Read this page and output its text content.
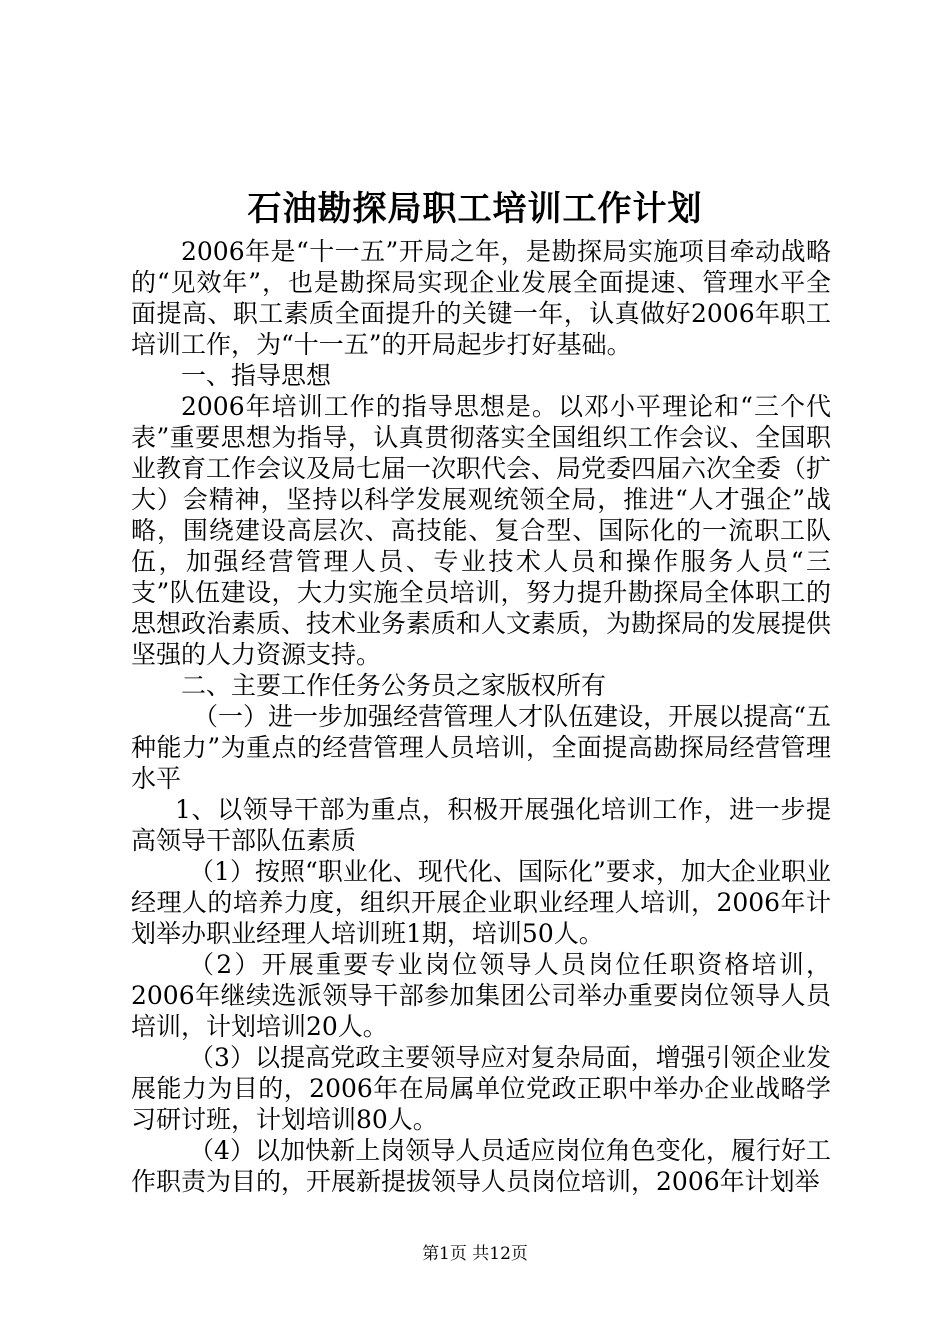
石油勘探局职工培训工作计划

2006年是“十一五”开局之年，是勘探局实施项目牵动战略的“见效年”，也是勘探局实现企业发展全面提速、管理水平全面提高、职工素质全面提升的关键一年，认真做好2006年职工培训工作，为“十一五”的开局起步打好基础。

一、指导思想

2006年培训工作的指导思想是。以邓小平理论和“三个代表”重要思想为指导，认真贯彻落实全国组织工作会议、全国职业教育工作会议及局七届一次职代会、局党委四届六次全委（扩大）会精神，坚持以科学发展观统领全局，推进“人才强企”战略，围绕建设高层次、高技能、复合型、国际化的一流职工队伍，加强经营管理人员、专业技术人员和操作服务人员“三支”队伍建设，大力实施全员培训，努力提升勘探局全体职工的思想政治素质、技术业务素质和人文素质，为勘探局的发展提供坚强的人力资源支持。

二、主要工作任务公务员之家版权所有

（一）进一步加强经营管理人才队伍建设，开展以提高“五种能力”为重点的经营管理人员培训，全面提高勘探局经营管理水平

1、以领导干部为重点，积极开展强化培训工作，进一步提高领导干部队伍素质

（1）按照“职业化、现代化、国际化”要求，加大企业职业经理人的培养力度，组织开展企业职业经理人培训，2006年计划举办职业经理人培训班1期，培训50人。

（2）开展重要专业岗位领导人员岗位任职资格培训，2006年继续选派领导干部参加集团公司举办重要岗位领导人员培训，计划培训20人。

（3）以提高党政主要领导应对复杂局面，增强引领企业发展能力为目的，2006年在局属单位党政正职中举办企业战略学习研讨班，计划培训80人。

（4）以加快新上岗领导人员适应岗位角色变化，履行好工作职责为目的，开展新提拔领导人员岗位培训，2006年计划举

第1页 共12页
